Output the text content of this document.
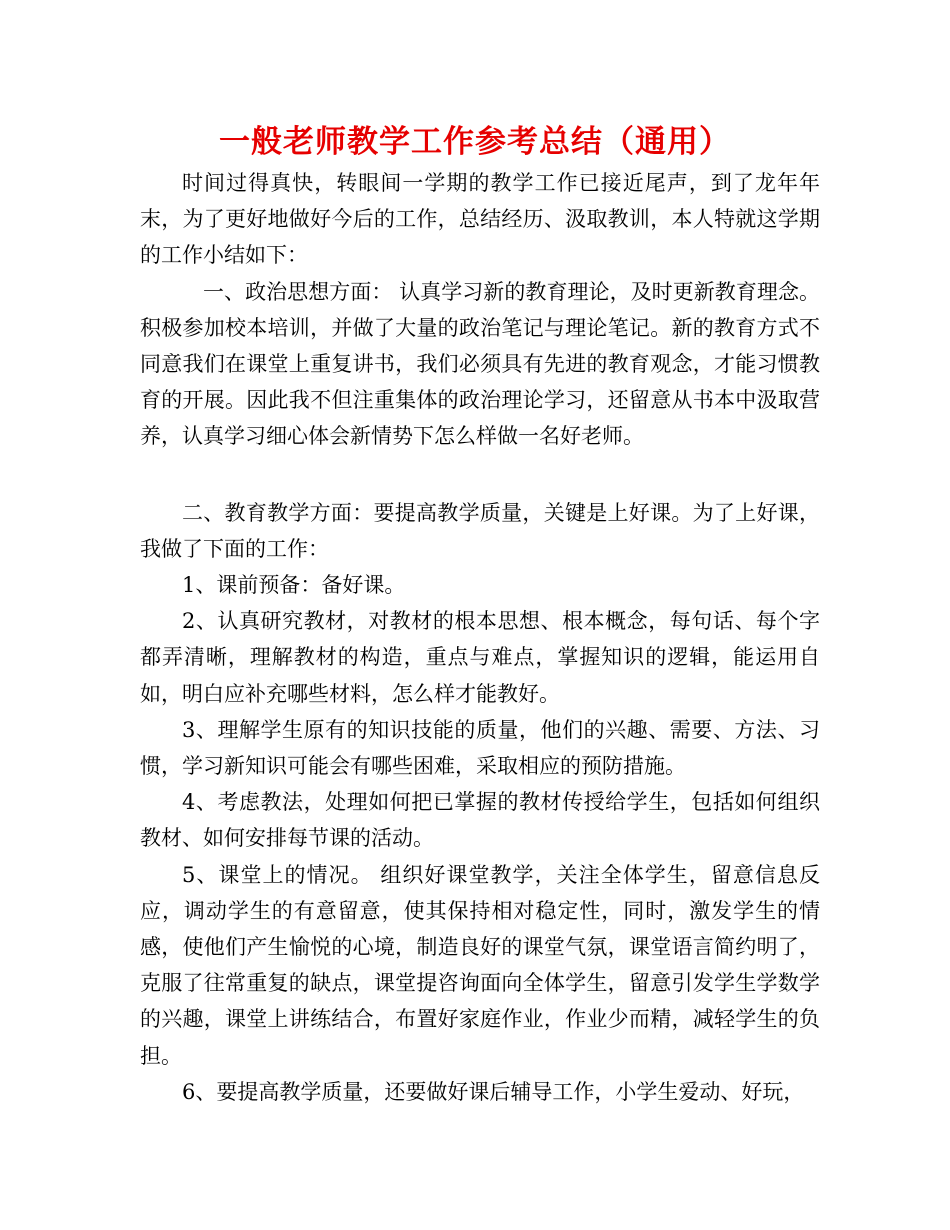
一般老师教学工作参考总结（通用）

时间过得真快，转眼间一学期的教学工作已接近尾声，到了龙年年末，为了更好地做好今后的工作，总结经历、汲取教训，本人特就这学期的工作小结如下：

一、政治思想方面： 认真学习新的教育理论，及时更新教育理念。积极参加校本培训，并做了大量的政治笔记与理论笔记。新的教育方式不同意我们在课堂上重复讲书，我们必须具有先进的教育观念，才能习惯教育的开展。因此我不但注重集体的政治理论学习，还留意从书本中汲取营养，认真学习细心体会新情势下怎么样做一名好老师。

二、教育教学方面：要提高教学质量，关键是上好课。为了上好课，我做了下面的工作：

1、课前预备：备好课。

2、认真研究教材，对教材的根本思想、根本概念，每句话、每个字都弄清晰，理解教材的构造，重点与难点，掌握知识的逻辑，能运用自如，明白应补充哪些材料，怎么样才能教好。

3、理解学生原有的知识技能的质量，他们的兴趣、需要、方法、习惯，学习新知识可能会有哪些困难，采取相应的预防措施。

4、考虑教法，处理如何把已掌握的教材传授给学生，包括如何组织教材、如何安排每节课的活动。

5、课堂上的情况。 组织好课堂教学，关注全体学生，留意信息反应，调动学生的有意留意，使其保持相对稳定性，同时，激发学生的情感，使他们产生愉悦的心境，制造良好的课堂气氛，课堂语言简约明了，克服了往常重复的缺点，课堂提咨询面向全体学生，留意引发学生学数学的兴趣，课堂上讲练结合，布置好家庭作业，作业少而精，减轻学生的负担。

6、要提高教学质量，还要做好课后辅导工作，小学生爱动、好玩，
